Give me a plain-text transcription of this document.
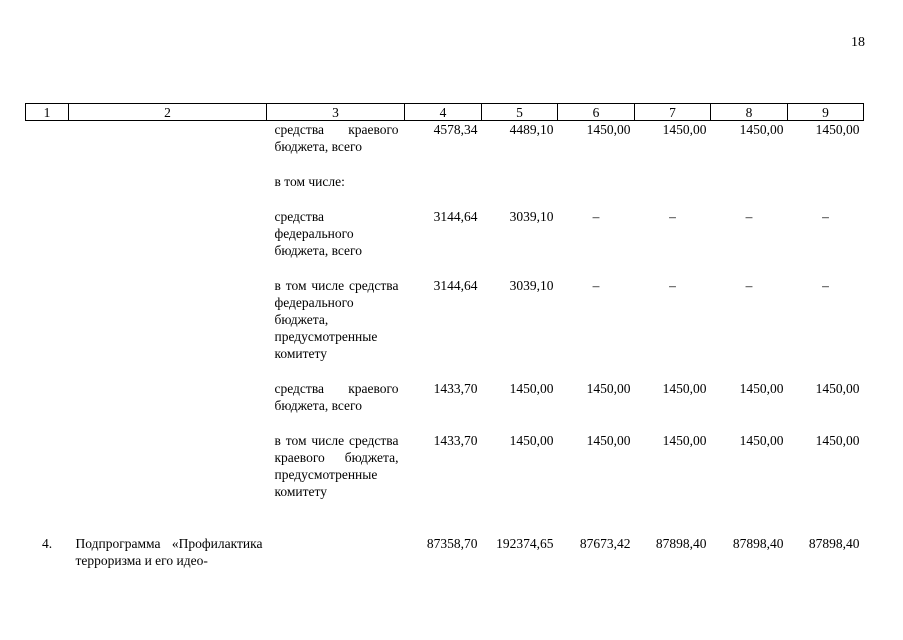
18
1	2	3	4	5	6	7	8	9
		средства краевого бюджета, всего	4578,34	4489,10	1450,00	1450,00	1450,00	1450,00
		в том числе:						
		средства федерального бюджета, всего	3144,64	3039,10	–	–	–	–
		в том числе средства федерального бюджета, предусмотренные комитету	3144,64	3039,10	–	–	–	–
		средства краевого бюджета, всего	1433,70	1450,00	1450,00	1450,00	1450,00	1450,00
		в том числе средства краевого бюджета, предусмотренные комитету	1433,70	1450,00	1450,00	1450,00	1450,00	1450,00
4.	Подпрограмма «Профилактика терроризма и его идео-		87358,70	192374,65	87673,42	87898,40	87898,40	87898,40
